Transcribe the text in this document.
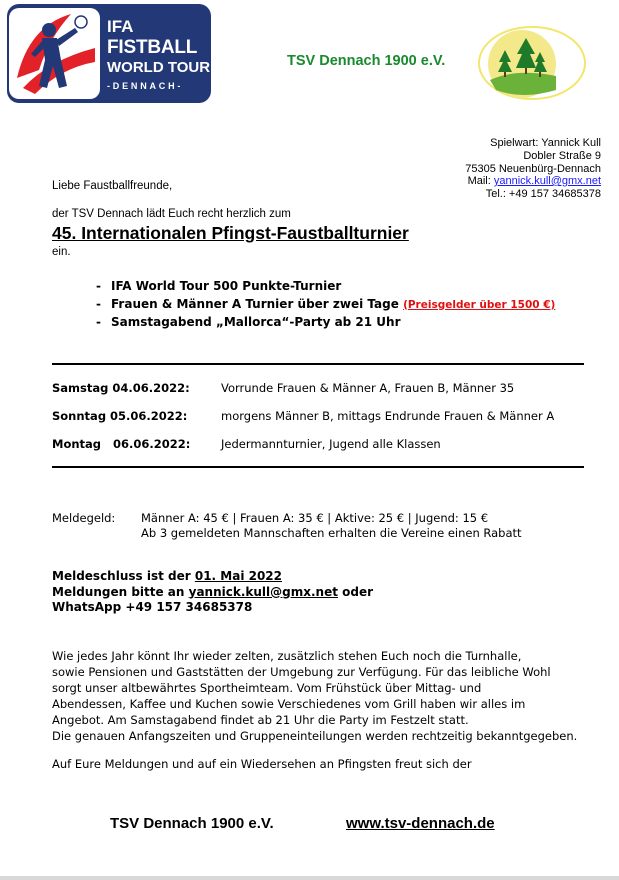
IFA
FISTBALL
WORLD TOUR
-DENNACH-
TSV Dennach 1900 e.V.
Spielwart: Yannick Kull
Dobler Straße 9
75305 Neuenbürg-Dennach
Mail: yannick.kull@gmx.net
Tel.: +49 157 34685378
Liebe Faustballfreunde,
der TSV Dennach lädt Euch recht herzlich zum
45. Internationalen Pfingst-Faustballturnier
ein.
- IFA World Tour 500 Punkte-Turnier
- Frauen & Männer A Turnier über zwei Tage (Preisgelder über 1500 €)
- Samstagabend „Mallorca“-Party ab 21 Uhr
Samstag 04.06.2022:	Vorrunde Frauen & Männer A, Frauen B, Männer 35
Sonntag 05.06.2022:	morgens Männer B, mittags Endrunde Frauen & Männer A
Montag   06.06.2022:	Jedermannturnier, Jugend alle Klassen
Meldegeld: Männer A: 45 € | Frauen A: 35 € | Aktive: 25 € | Jugend: 15 €
Ab 3 gemeldeten Mannschaften erhalten die Vereine einen Rabatt
Meldeschluss ist der 01. Mai 2022
Meldungen bitte an yannick.kull@gmx.net oder
WhatsApp +49 157 34685378
Wie jedes Jahr könnt Ihr wieder zelten, zusätzlich stehen Euch noch die Turnhalle,
sowie Pensionen und Gaststätten der Umgebung zur Verfügung. Für das leibliche Wohl
sorgt unser altbewährtes Sportheimteam. Vom Frühstück über Mittag- und
Abendessen, Kaffee und Kuchen sowie Verschiedenes vom Grill haben wir alles im
Angebot. Am Samstagabend findet ab 21 Uhr die Party im Festzelt statt.
Die genauen Anfangszeiten und Gruppeneinteilungen werden rechtzeitig bekanntgegeben.
Auf Eure Meldungen und auf ein Wiedersehen an Pfingsten freut sich der
TSV Dennach 1900 e.V.	www.tsv-dennach.de
